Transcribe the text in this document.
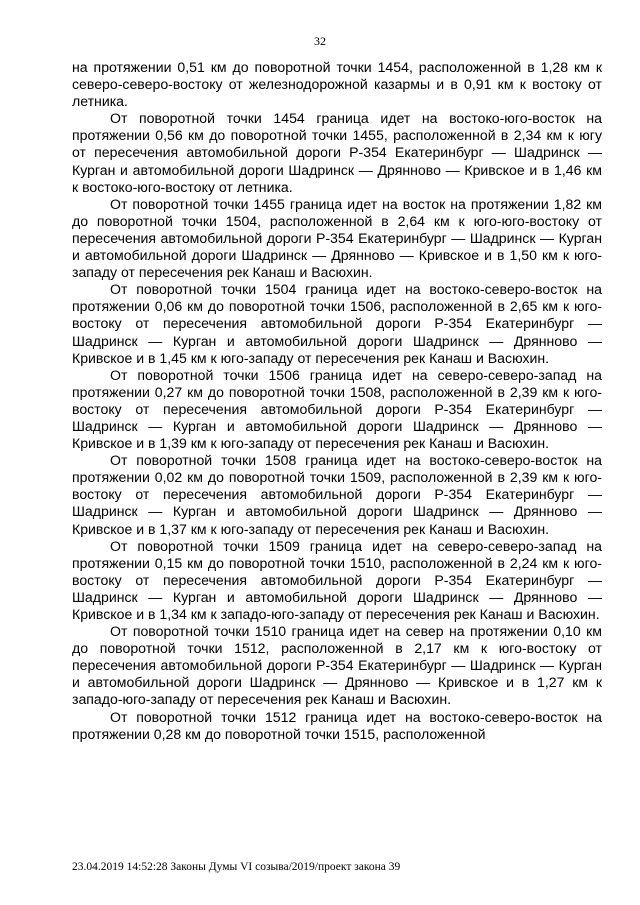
32

на протяжении 0,51 км до поворотной точки 1454, расположенной в 1,28 км к северо-северо-востоку от железнодорожной казармы и в 0,91 км к востоку от летника.

От поворотной точки 1454 граница идет на востоко-юго-восток на протяжении 0,56 км до поворотной точки 1455, расположенной в 2,34 км к югу от пересечения автомобильной дороги Р-354 Екатеринбург — Шадринск — Курган и автомобильной дороги Шадринск — Дрянново — Кривское и в 1,46 км к востоко-юго-востоку от летника.

От поворотной точки 1455 граница идет на восток на протяжении 1,82 км до поворотной точки 1504, расположенной в 2,64 км к юго-юго-востоку от пересечения автомобильной дороги Р-354 Екатеринбург — Шадринск — Курган и автомобильной дороги Шадринск — Дрянново — Кривское и в 1,50 км к юго-западу от пересечения рек Канаш и Васюхин.

От поворотной точки 1504 граница идет на востоко-северо-восток на протяжении 0,06 км до поворотной точки 1506, расположенной в 2,65 км к юго-востоку от пересечения автомобильной дороги Р-354 Екатеринбург — Шадринск — Курган и автомобильной дороги Шадринск — Дрянново — Кривское и в 1,45 км к юго-западу от пересечения рек Канаш и Васюхин.

От поворотной точки 1506 граница идет на северо-северо-запад на протяжении 0,27 км до поворотной точки 1508, расположенной в 2,39 км к юго-востоку от пересечения автомобильной дороги Р-354 Екатеринбург — Шадринск — Курган и автомобильной дороги Шадринск — Дрянново — Кривское и в 1,39 км к юго-западу от пересечения рек Канаш и Васюхин.

От поворотной точки 1508 граница идет на востоко-северо-восток на протяжении 0,02 км до поворотной точки 1509, расположенной в 2,39 км к юго-востоку от пересечения автомобильной дороги Р-354 Екатеринбург — Шадринск — Курган и автомобильной дороги Шадринск — Дрянново — Кривское и в 1,37 км к юго-западу от пересечения рек Канаш и Васюхин.

От поворотной точки 1509 граница идет на северо-северо-запад на протяжении 0,15 км до поворотной точки 1510, расположенной в 2,24 км к юго-востоку от пересечения автомобильной дороги Р-354 Екатеринбург — Шадринск — Курган и автомобильной дороги Шадринск — Дрянново — Кривское и в 1,34 км к западо-юго-западу от пересечения рек Канаш и Васюхин.

От поворотной точки 1510 граница идет на север на протяжении 0,10 км до поворотной точки 1512, расположенной в 2,17 км к юго-востоку от пересечения автомобильной дороги Р-354 Екатеринбург — Шадринск — Курган и автомобильной дороги Шадринск — Дрянново — Кривское и в 1,27 км к западо-юго-западу от пересечения рек Канаш и Васюхин.

От поворотной точки 1512 граница идет на востоко-северо-восток на протяжении 0,28 км до поворотной точки 1515, расположенной

23.04.2019 14:52:28 Законы Думы VI созыва/2019/проект закона 39
